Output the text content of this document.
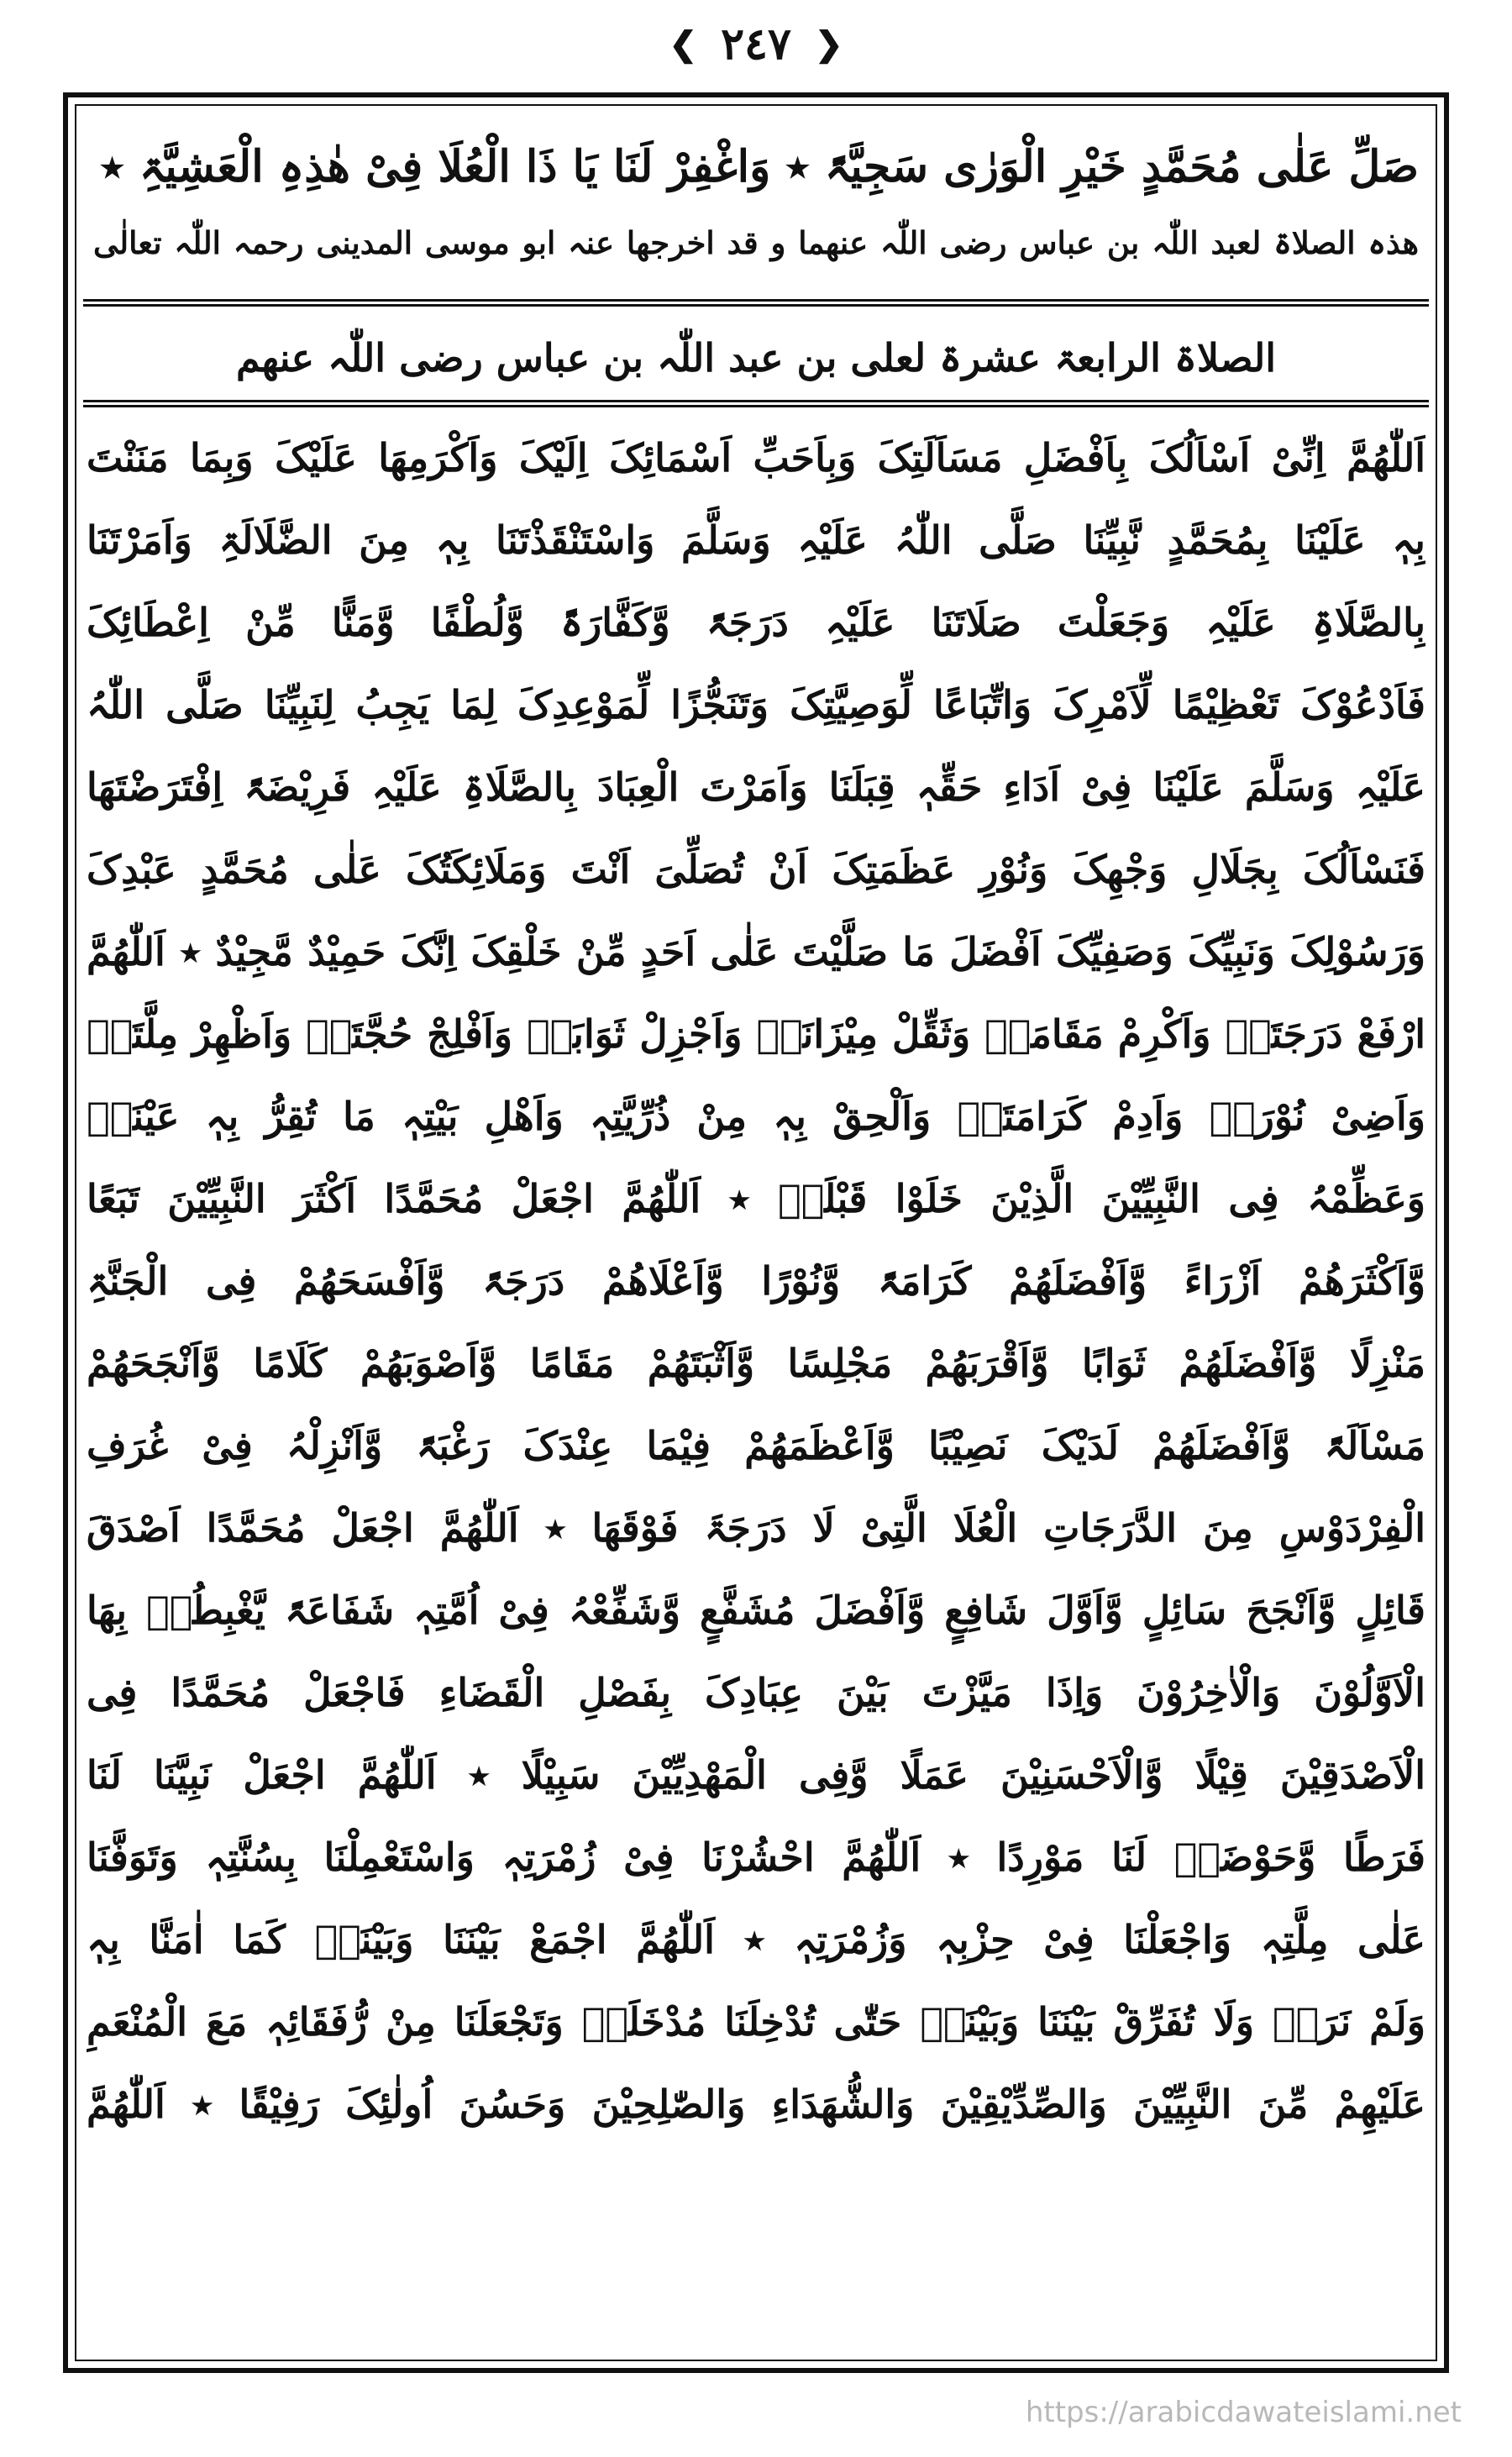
❮ ٢٤٧ ❯
صَلِّ عَلٰی مُحَمَّدٍ خَیْرِ الْوَرٰی سَجِیَّۃً ٭ وَاغْفِرْ لَنَا یَا ذَا الْعُلَا فِیْ هٰذِہِ الْعَشِیَّۃِ ٭
ھذہ الصلاۃ لعبد اللّٰہ بن عباس رضی اللّٰہ عنھما و قد اخرجھا عنہ ابو موسی المدینی رحمہ اللّٰہ تعالٰی
الصلاۃ الرابعۃ عشرۃ لعلی بن عبد اللّٰہ بن عباس رضی اللّٰہ عنھم
اَللّٰھُمَّ اِنِّیْ اَسْاَلُکَ بِاَفْضَلِ مَسَاَلَتِکَ وَبِاَحَبِّ اَسْمَائِکَ اِلَیْکَ وَاَکْرَمِھَا عَلَیْکَ وَبِمَا مَنَنْتَ
بِہٖ عَلَیْنَا بِمُحَمَّدٍ نَّبِیِّنَا صَلَّی اللّٰہُ عَلَیْہِ وَسَلَّمَ وَاسْتَنْقَذْتَنَا بِہٖ مِنَ الضَّلَالَۃِ وَاَمَرْتَنَا
بِالصَّلَاۃِ عَلَیْہِ وَجَعَلْتَ صَلَاتَنَا عَلَیْہِ دَرَجَۃً وَّکَفَّارَۃً وَّلُطْفًا وَّمَنًّا مِّنْ اِعْطَائِکَ
فَاَدْعُوْکَ تَعْظِیْمًا لِّاَمْرِکَ وَاتِّبَاعًا لِّوَصِیَّتِکَ وَتَنَجُّزًا لِّمَوْعِدِکَ لِمَا یَجِبُ لِنَبِیِّنَا صَلَّی اللّٰہُ
عَلَیْہِ وَسَلَّمَ عَلَیْنَا فِیْ اَدَاءِ حَقِّہٖ قِبَلَنَا وَاَمَرْتَ الْعِبَادَ بِالصَّلَاۃِ عَلَیْہِ فَرِیْضَۃً اِفْتَرَضْتَھَا
فَنَسْاَلُکَ بِجَلَالِ وَجْھِکَ وَنُوْرِ عَظَمَتِکَ اَنْ تُصَلِّیَ اَنْتَ وَمَلَائِکَتُکَ عَلٰی مُحَمَّدٍ عَبْدِکَ
وَرَسُوْلِکَ وَنَبِیِّکَ وَصَفِیِّکَ اَفْضَلَ مَا صَلَّیْتَ عَلٰی اَحَدٍ مِّنْ خَلْقِکَ اِنَّکَ حَمِیْدٌ مَّجِیْدٌ ٭ اَللّٰھُمَّ
ارْفَعْ دَرَجَتَہٗ وَاَکْرِمْ مَقَامَہٗ وَثَقِّلْ مِیْزَانَہٗ وَاَجْزِلْ ثَوَابَہٗ وَاَفْلِجْ حُجَّتَہٗ وَاَظْھِرْ مِلَّتَہٗ
وَاَضِیْ نُوْرَہٗ وَاَدِمْ کَرَامَتَہٗ وَاَلْحِقْ بِہٖ مِنْ ذُرِّیَّتِہٖ وَاَھْلِ بَیْتِہٖ مَا تُقِرُّ بِہٖ عَیْنَہٗ
وَعَظِّمْہُ فِی النَّبِیِّیْنَ الَّذِیْنَ خَلَوْا قَبْلَہٗ ٭ اَللّٰھُمَّ اجْعَلْ مُحَمَّدًا اَکْثَرَ النَّبِیِّیْنَ تَبَعًا
وَّاَکْثَرَھُمْ اَزْرَاءً وَّاَفْضَلَھُمْ کَرَامَۃً وَّنُوْرًا وَّاَعْلَاھُمْ دَرَجَۃً وَّاَفْسَحَھُمْ فِی الْجَنَّۃِ
مَنْزِلًا وَّاَفْضَلَھُمْ ثَوَابًا وَّاَقْرَبَھُمْ مَجْلِسًا وَّاَثْبَتَھُمْ مَقَامًا وَّاَصْوَبَھُمْ کَلَامًا وَّاَنْجَحَھُمْ
مَسْاَلَۃً وَّاَفْضَلَھُمْ لَدَیْکَ نَصِیْبًا وَّاَعْظَمَھُمْ فِیْمَا عِنْدَکَ رَغْبَۃً وَّاَنْزِلْہُ فِیْ غُرَفِ
الْفِرْدَوْسِ مِنَ الدَّرَجَاتِ الْعُلَا الَّتِیْ لَا دَرَجَۃَ فَوْقَھَا ٭ اَللّٰھُمَّ اجْعَلْ مُحَمَّدًا اَصْدَقَ
قَائِلٍ وَّاَنْجَحَ سَائِلٍ وَّاَوَّلَ شَافِعٍ وَّاَفْضَلَ مُشَفَّعٍ وَّشَفِّعْہُ فِیْ اُمَّتِہٖ شَفَاعَۃً یَّغْبِطُہٗ بِھَا
الْاَوَّلُوْنَ وَالْاٰخِرُوْنَ وَاِذَا مَیَّزْتَ بَیْنَ عِبَادِکَ بِفَصْلِ الْقَضَاءِ فَاجْعَلْ مُحَمَّدًا فِی
الْاَصْدَقِیْنَ قِیْلًا وَّالْاَحْسَنِیْنَ عَمَلًا وَّفِی الْمَھْدِیِّیْنَ سَبِیْلًا ٭ اَللّٰھُمَّ اجْعَلْ نَبِیَّنَا لَنَا
فَرَطًا وَّحَوْضَہٗ لَنَا مَوْرِدًا ٭ اَللّٰھُمَّ احْشُرْنَا فِیْ زُمْرَتِہٖ وَاسْتَعْمِلْنَا بِسُنَّتِہٖ وَتَوَفَّنَا
عَلٰی مِلَّتِہٖ وَاجْعَلْنَا فِیْ حِزْبِہٖ وَزُمْرَتِہٖ ٭ اَللّٰھُمَّ اجْمَعْ بَیْنَنَا وَبَیْنَہٗ کَمَا اٰمَنَّا بِہٖ
وَلَمْ نَرَہٗ وَلَا تُفَرِّقْ بَیْنَنَا وَبَیْنَہٗ حَتّٰی تُدْخِلَنَا مُدْخَلَہٗ وَتَجْعَلَنَا مِنْ رُّفَقَائِہٖ مَعَ الْمُنْعَمِ
عَلَیْھِمْ مِّنَ النَّبِیِّیْنَ وَالصِّدِّیْقِیْنَ وَالشُّھَدَاءِ وَالصّٰلِحِیْنَ وَحَسُنَ اُولٰئِکَ رَفِیْقًا ٭ اَللّٰھُمَّ
https://arabicdawateislami.net
